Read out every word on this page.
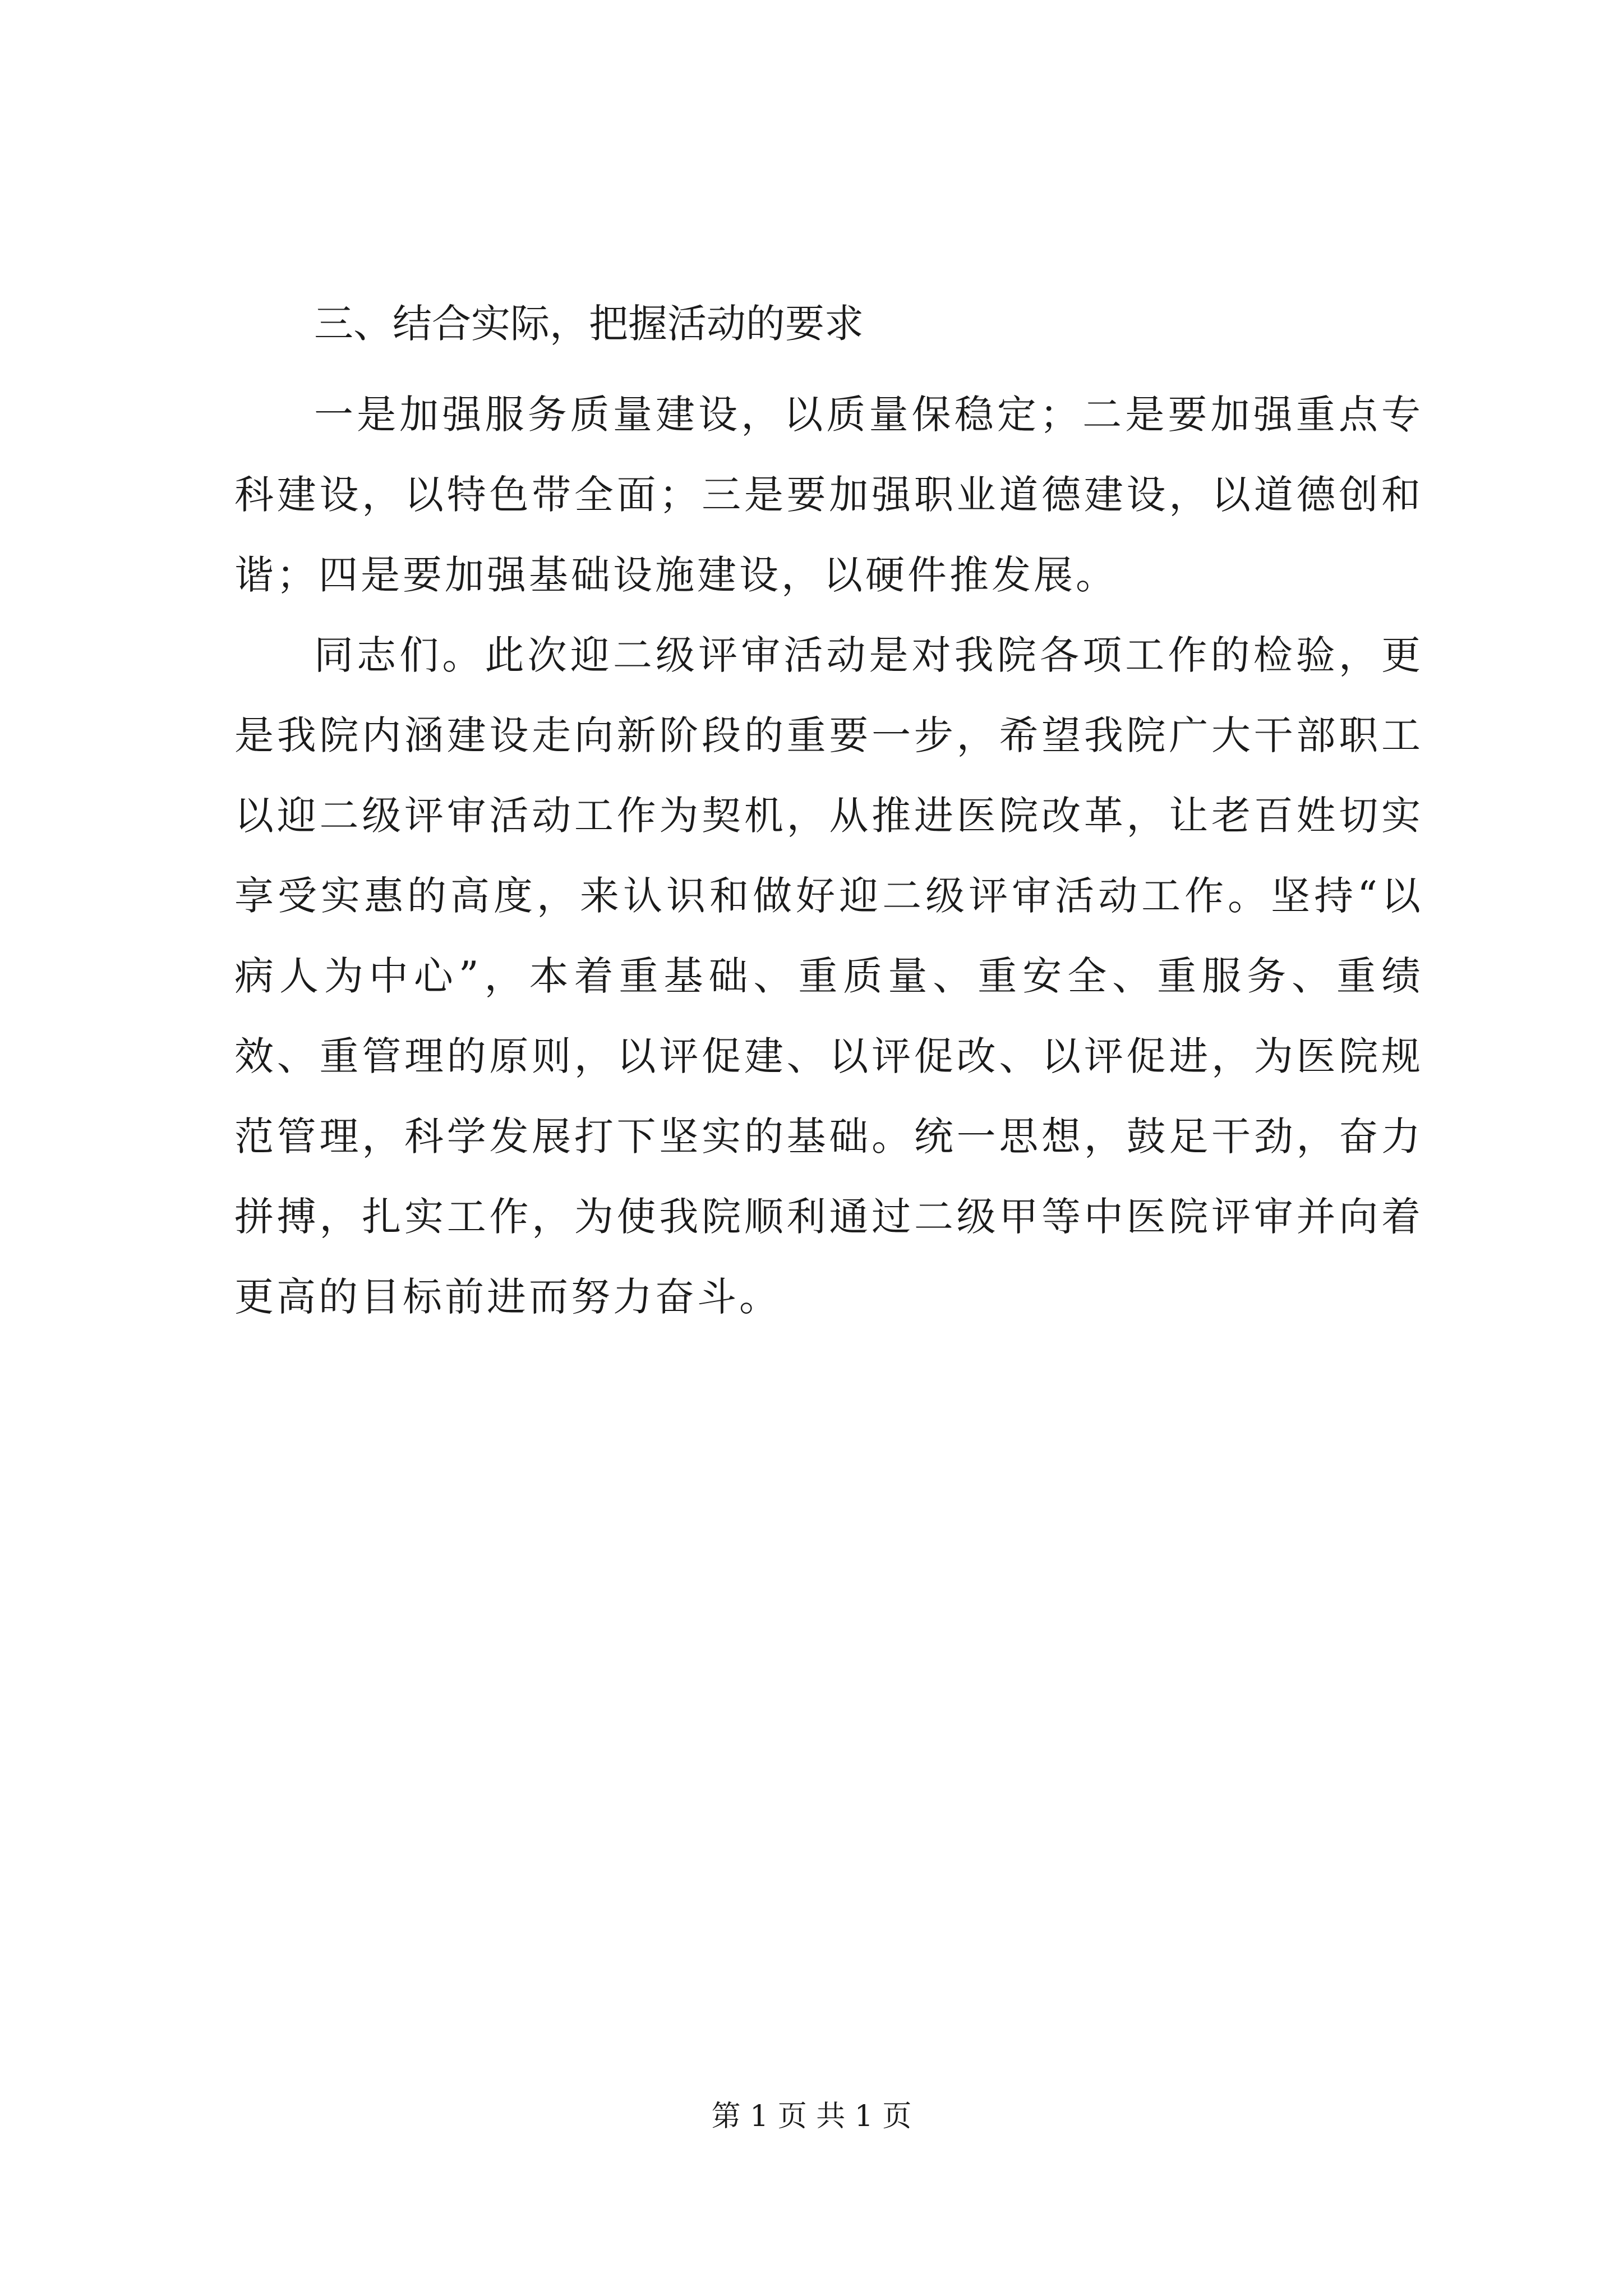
三、结合实际，把握活动的要求

一是加强服务质量建设，以质量保稳定；二是要加强重点专科建设，以特色带全面；三是要加强职业道德建设，以道德创和谐；四是要加强基础设施建设，以硬件推发展。

同志们。此次迎二级评审活动是对我院各项工作的检验，更是我院内涵建设走向新阶段的重要一步，希望我院广大干部职工以迎二级评审活动工作为契机，从推进医院改革，让老百姓切实享受实惠的高度，来认识和做好迎二级评审活动工作。坚持“以病人为中心”，本着重基础、重质量、重安全、重服务、重绩效、重管理的原则，以评促建、以评促改、以评促进，为医院规范管理，科学发展打下坚实的基础。统一思想，鼓足干劲，奋力拼搏，扎实工作，为使我院顺利通过二级甲等中医院评审并向着更高的目标前进而努力奋斗。

第 1 页 共 1 页
